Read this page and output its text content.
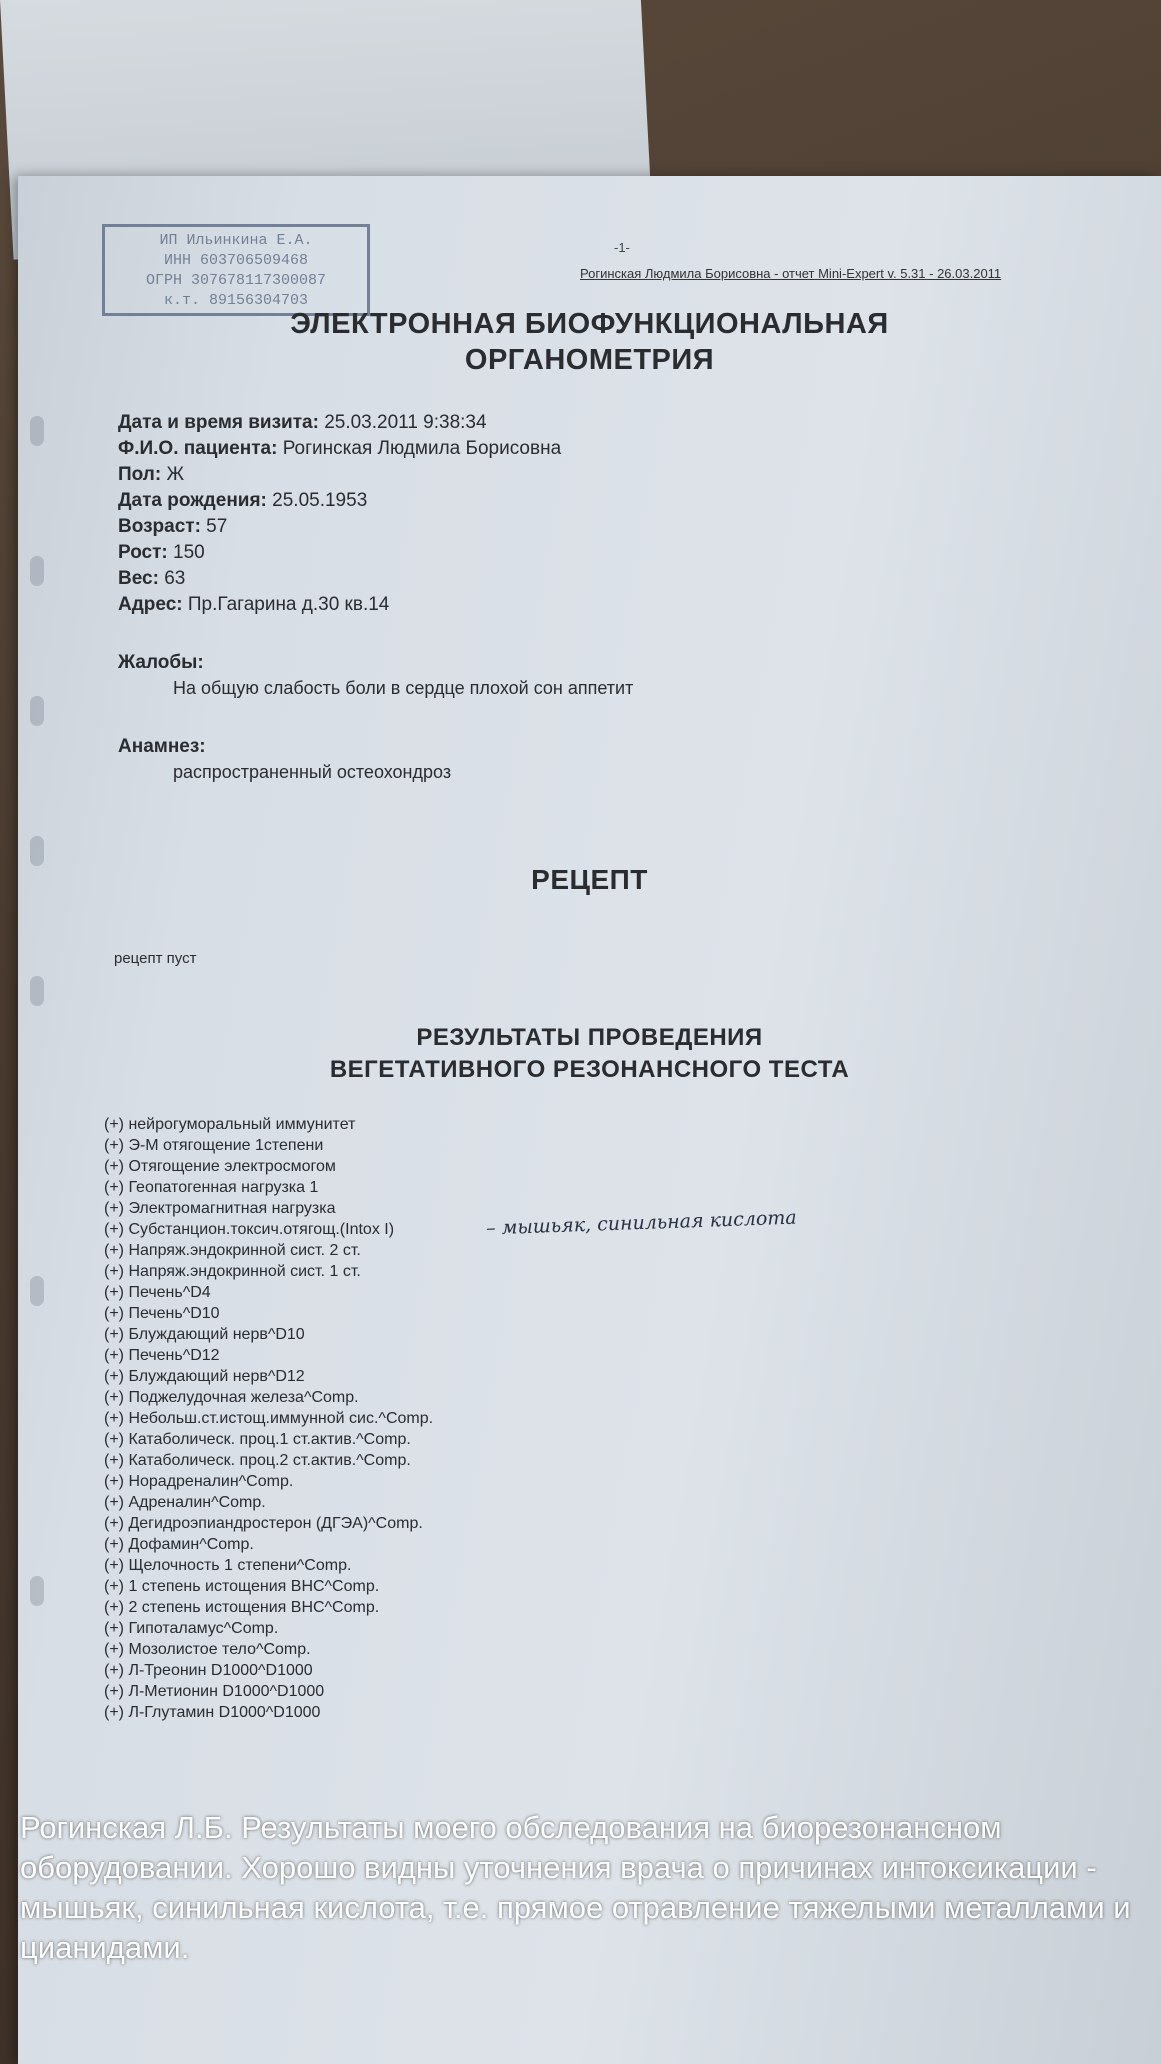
ИП Ильинкина Е.А.
ИНН 603706509468
ОГРН 307678117300087
к.т. 89156304703
-1-
Рогинская Людмила Борисовна - отчет Mini-Expert v. 5.31 - 26.03.2011
ЭЛЕКТРОННАЯ БИОФУНКЦИОНАЛЬНАЯ
ОРГАНОМЕТРИЯ
Дата и время визита: 25.03.2011 9:38:34
Ф.И.О. пациента: Рогинская Людмила Борисовна
Пол: Ж
Дата рождения: 25.05.1953
Возраст: 57
Рост: 150
Вес: 63
Адрес: Пр.Гагарина д.30 кв.14
Жалобы:
На общую слабость боли в сердце плохой сон аппетит
Анамнез:
распространенный остеохондроз
РЕЦЕПТ
рецепт пуст
РЕЗУЛЬТАТЫ ПРОВЕДЕНИЯ
ВЕГЕТАТИВНОГО РЕЗОНАНСНОГО ТЕСТА
(+) нейрогуморальный иммунитет
(+) Э-М отягощение 1степени
(+) Отягощение электросмогом
(+) Геопатогенная нагрузка 1
(+) Электромагнитная нагрузка
(+) Субстанцион.токсич.отягощ.(Intox I)
(+) Напряж.эндокринной сист. 2 ст.
(+) Напряж.эндокринной сист. 1 ст.
(+) Печень^D4
(+) Печень^D10
(+) Блуждающий нерв^D10
(+) Печень^D12
(+) Блуждающий нерв^D12
(+) Поджелудочная железа^Comp.
(+) Небольш.ст.истощ.иммунной сис.^Comp.
(+) Катаболическ. проц.1 ст.актив.^Comp.
(+) Катаболическ. проц.2 ст.актив.^Comp.
(+) Норадреналин^Comp.
(+) Адреналин^Comp.
(+) Дегидроэпиандростерон (ДГЭА)^Comp.
(+) Дофамин^Comp.
(+) Щелочность 1 степени^Comp.
(+) 1 степень истощения ВНС^Comp.
(+) 2 степень истощения ВНС^Comp.
(+) Гипоталамус^Comp.
(+) Мозолистое тело^Comp.
(+) Л-Треонин D1000^D1000
(+) Л-Метионин D1000^D1000
(+) Л-Глутамин D1000^D1000
– мышьяк, синильная кислота
Рогинская Л.Б. Результаты моего обследования на биорезонансном оборудовании. Хорошо видны уточнения врача о причинах интоксикации - мышьяк, синильная кислота, т.е. прямое отравление тяжелыми металлами и цианидами.
